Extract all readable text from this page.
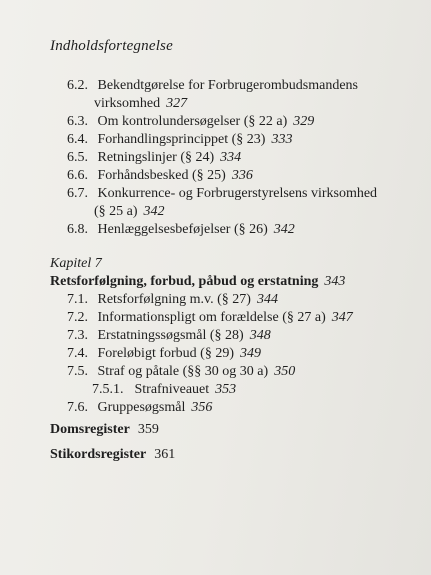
Indholdsfortegnelse
6.2. Bekendtgørelse for Forbrugerombudsmandens
virksomhed 327
6.3. Om kontrolundersøgelser (§ 22 a) 329
6.4. Forhandlingsprincippet (§ 23) 333
6.5. Retningslinjer (§ 24) 334
6.6. Forhåndsbesked (§ 25) 336
6.7. Konkurrence- og Forbrugerstyrelsens virksomhed
(§ 25 a) 342
6.8. Henlæggelsesbeføjelser (§ 26) 342
Kapitel 7
Retsforfølgning, forbud, påbud og erstatning 343
7.1. Retsforfølgning m.v. (§ 27) 344
7.2. Informationspligt om forældelse (§ 27 a) 347
7.3. Erstatningssøgsmål (§ 28) 348
7.4. Foreløbigt forbud (§ 29) 349
7.5. Straf og påtale (§§ 30 og 30 a) 350
7.5.1. Strafniveauet 353
7.6. Gruppesøgsmål 356
Domsregister 359
Stikordsregister 361
